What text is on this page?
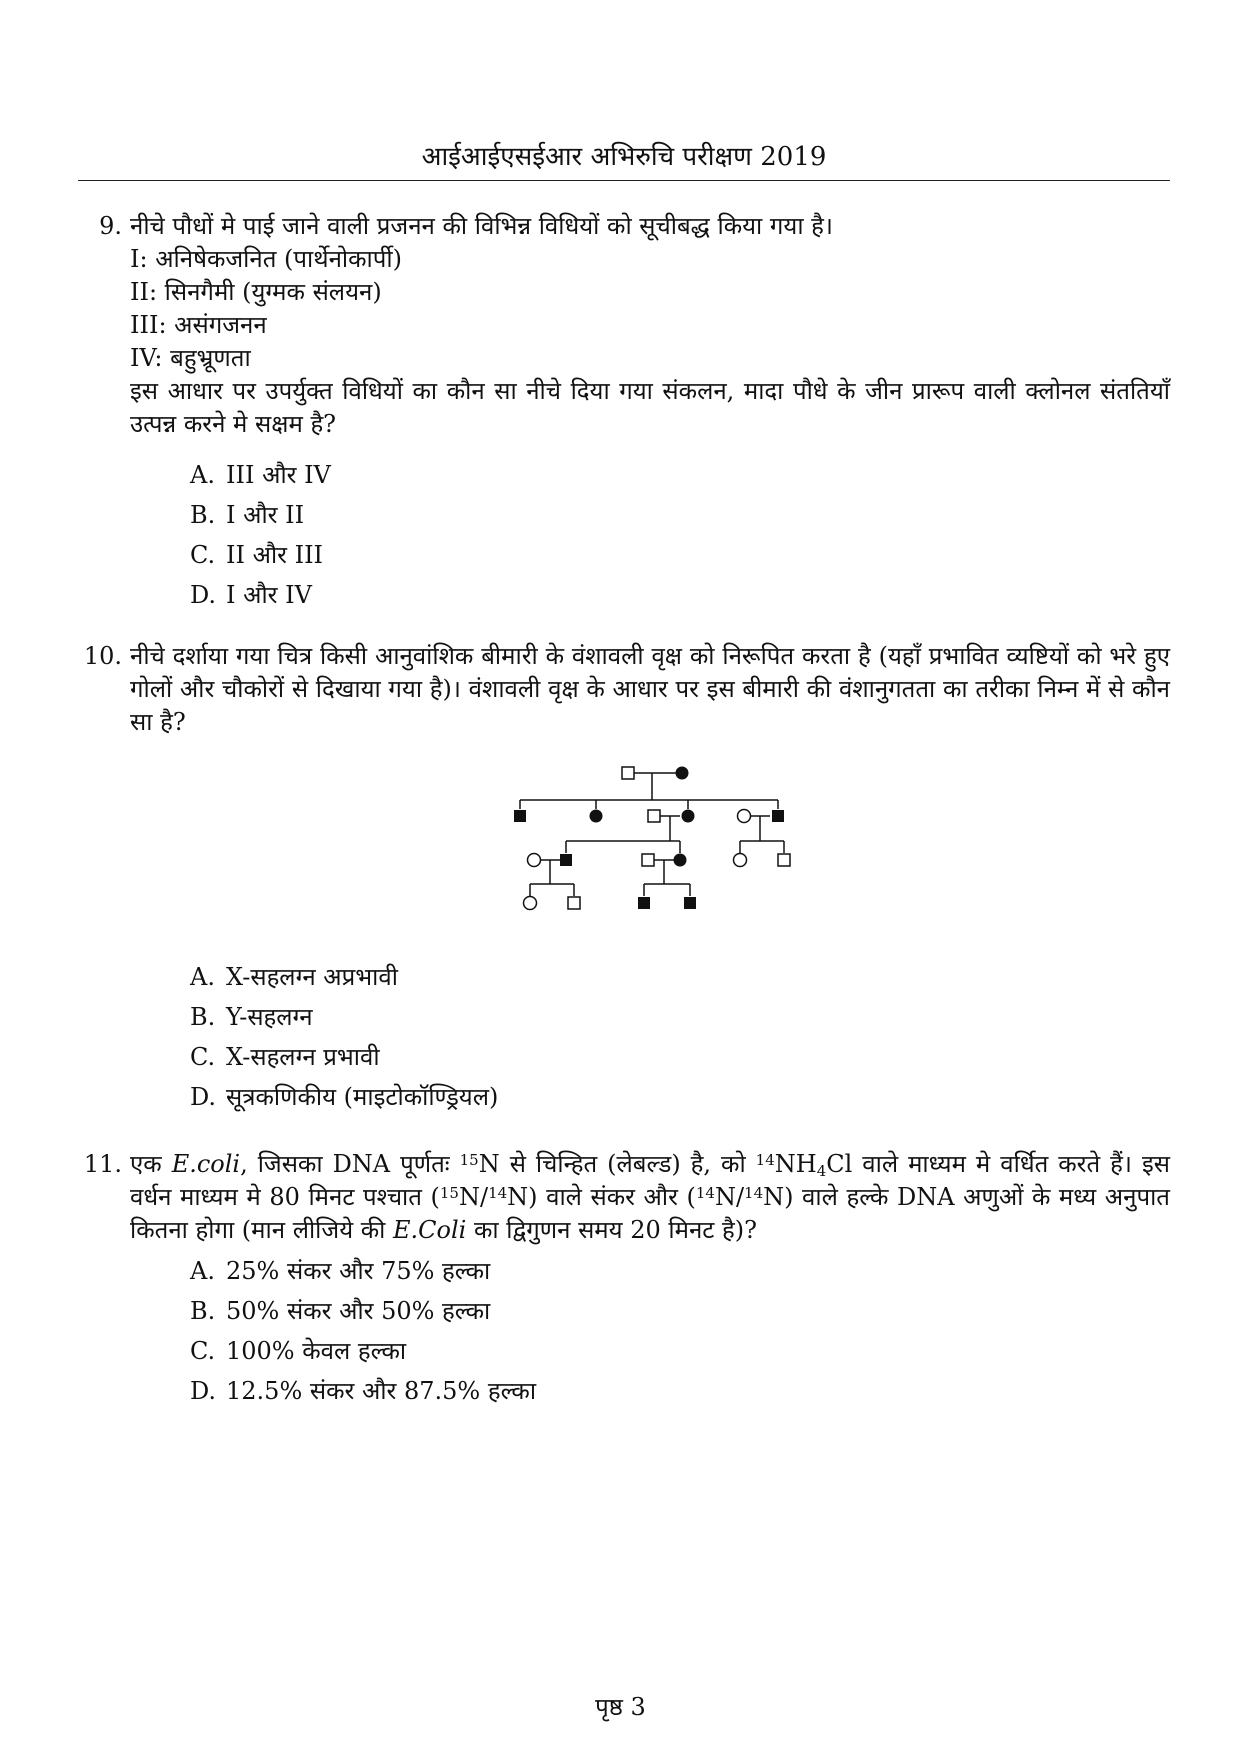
आईआईएसईआर अभिरुचि परीक्षण 2019
9. नीचे पौधों मे पाई जाने वाली प्रजनन की विभिन्न विधियों को सूचीबद्ध किया गया है।

I: अनिषेकजनित (पार्थेनोकार्पी)
II: सिनगैमी (युग्मक संलयन)
III: असंगजनन
IV: बहुभ्रूणता

इस आधार पर उपर्युक्त विधियों का कौन सा नीचे दिया गया संकलन, मादा पौधे के जीन प्रारूप वाली क्लोनल संततियाँ उत्पन्न करने मे सक्षम है?

A. III और IV
B. I और II
C. II और III
D. I और IV
10. नीचे दर्शाया गया चित्र किसी आनुवांशिक बीमारी के वंशावली वृक्ष को निरूपित करता है (यहाँ प्रभावित व्यष्टियों को भरे हुए गोलों और चौकोरों से दिखाया गया है)। वंशावली वृक्ष के आधार पर इस बीमारी की वंशानुगतता का तरीका निम्न में से कौन सा है?

A. X-सहलग्न अप्रभावी
B. Y-सहलग्न
C. X-सहलग्न प्रभावी
D. सूत्रकणिकीय (माइटोकॉण्ड्रियल)
11. एक E.coli, जिसका DNA पूर्णतः $^{15}$N से चिन्हित (लेबल्ड) है, को $^{14}NH_4Cl$ वाले माध्यम मे वर्धित करते हैं। इस वर्धन माध्यम मे 80 मिनट पश्चात ($^{15}$N/$^{14}$N) वाले संकर और ($^{14}$N/$^{14}$N) वाले हल्के DNA अणुओं के मध्य अनुपात कितना होगा (मान लीजिये की E.Coli का द्विगुणन समय 20 मिनट है)?

A. 25% संकर और 75% हल्का
B. 50% संकर और 50% हल्का
C. 100% केवल हल्का
D. 12.5% संकर और 87.5% हल्का
पृष्ठ 3
